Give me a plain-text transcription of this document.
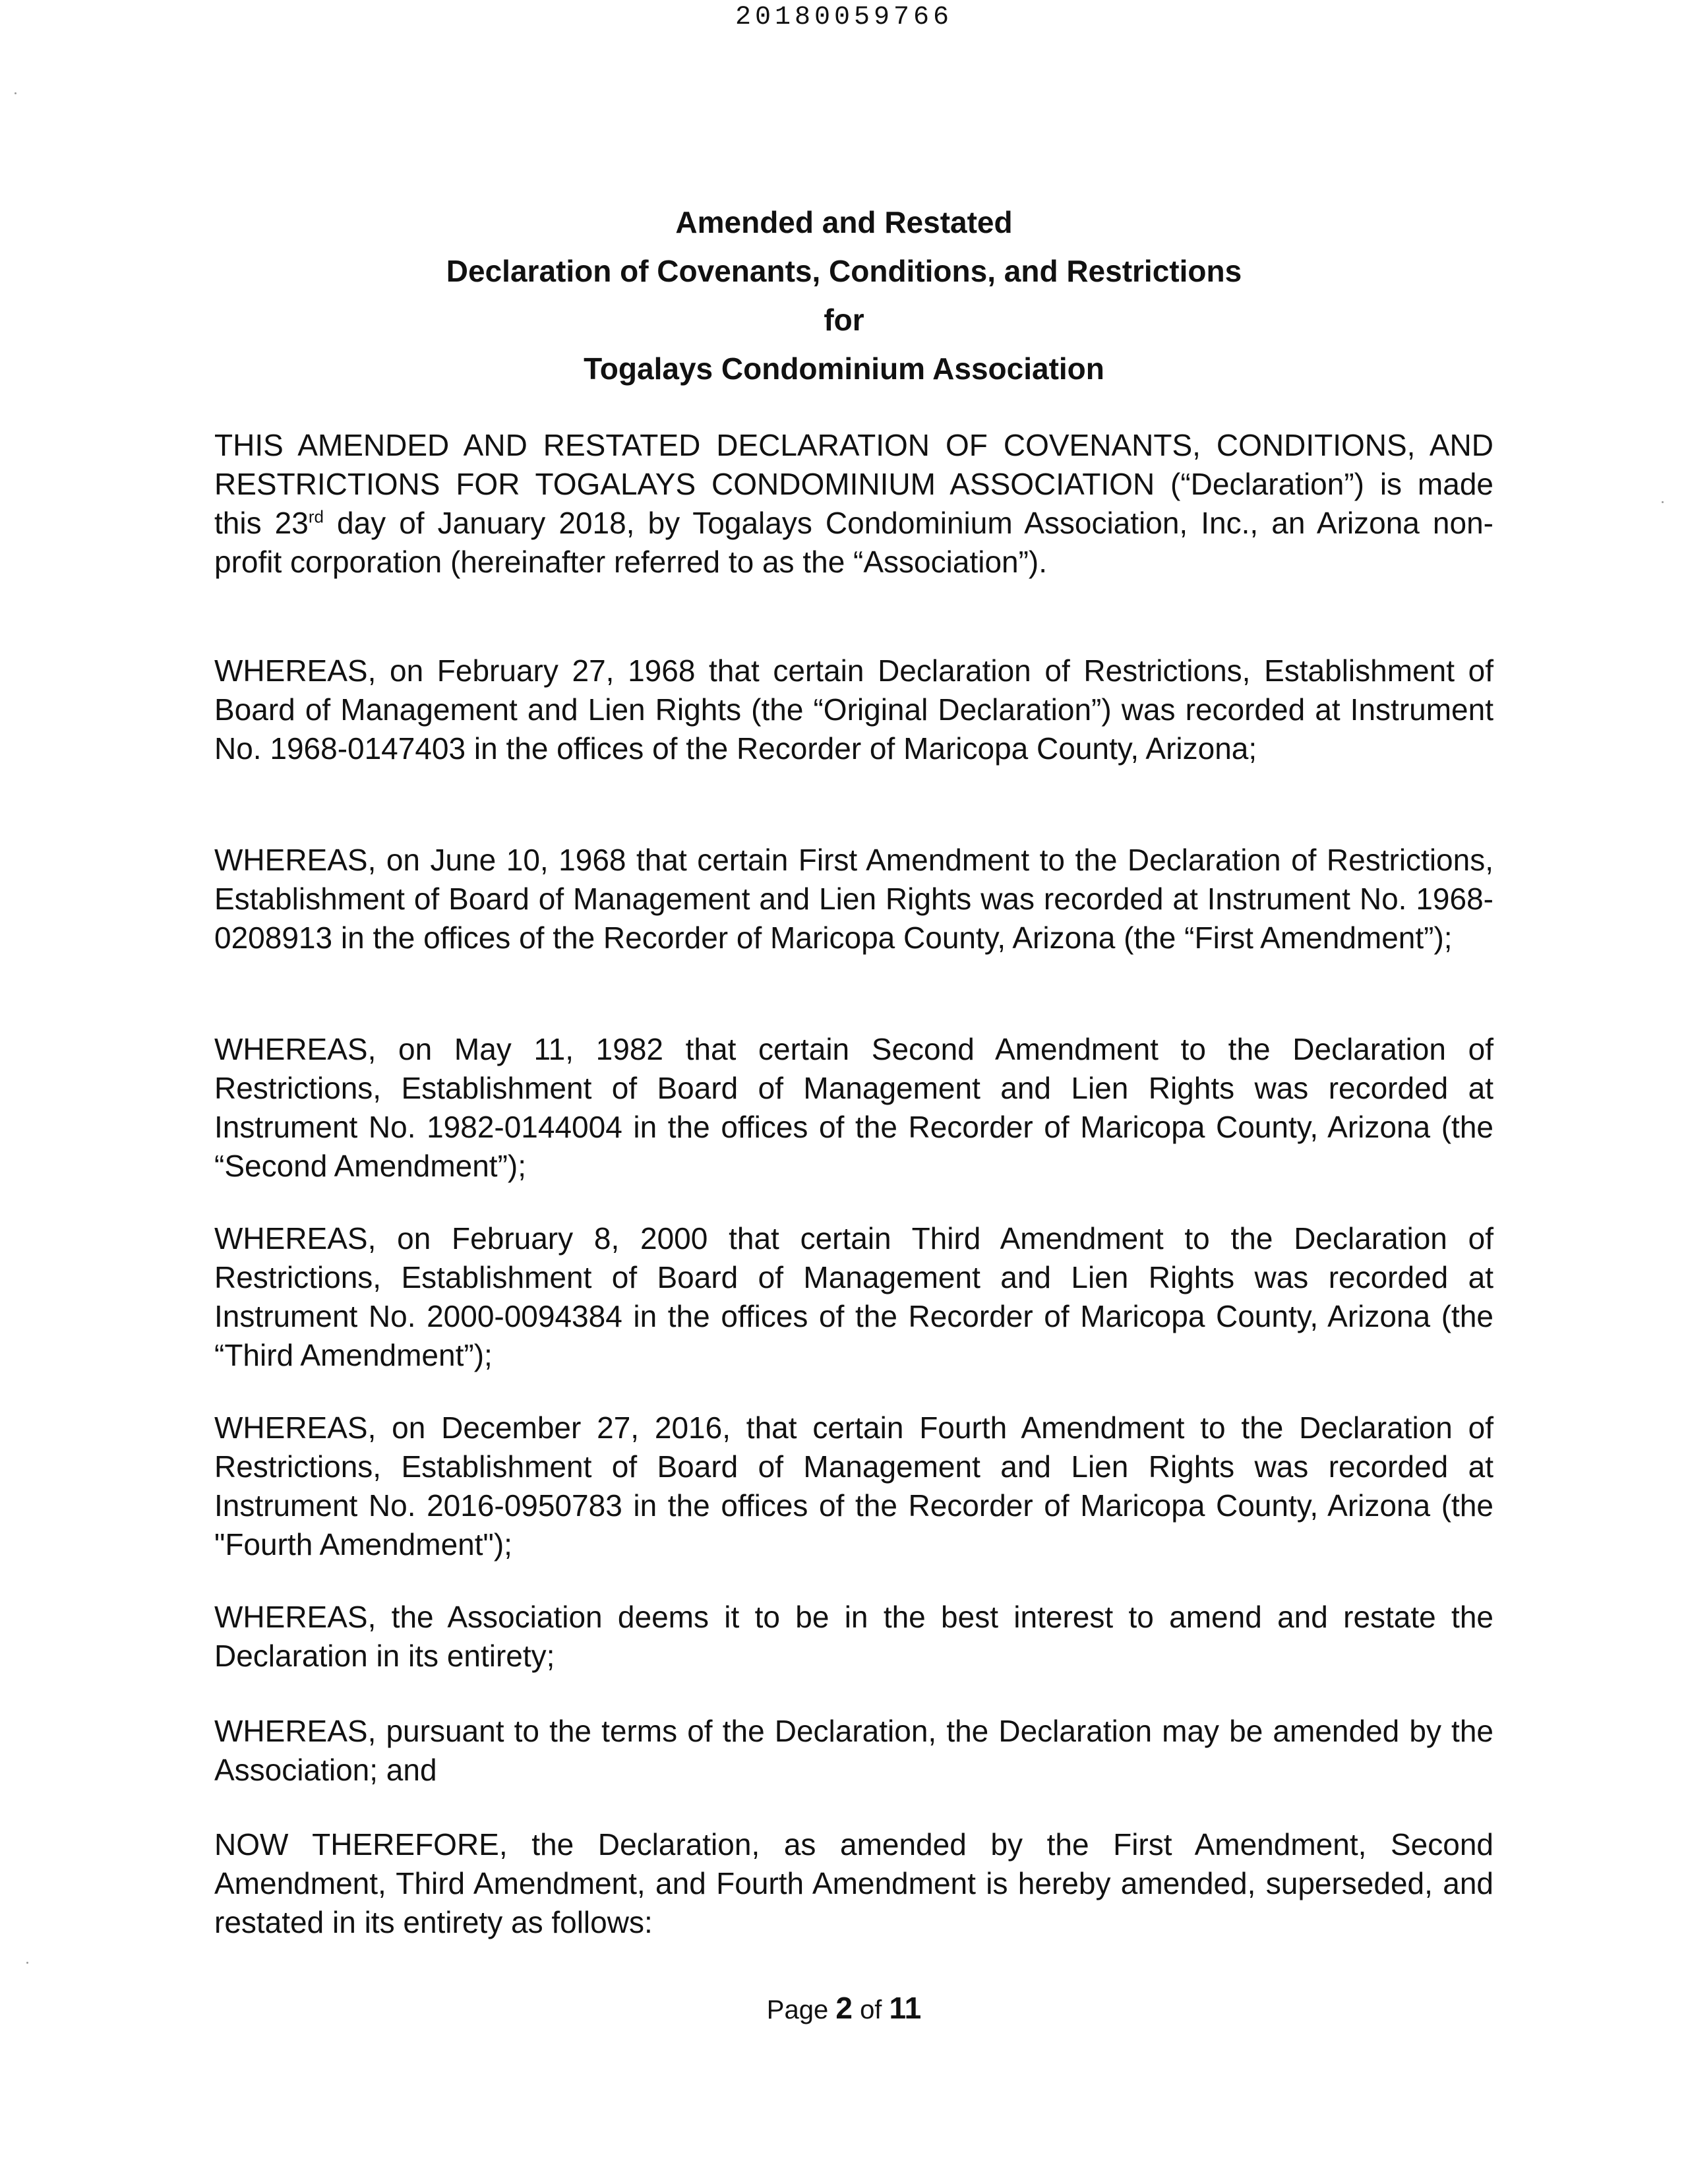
20180059766
Amended and Restated
Declaration of Covenants, Conditions, and Restrictions
for
Togalays Condominium Association
THIS AMENDED AND RESTATED DECLARATION OF COVENANTS, CONDITIONS, AND RESTRICTIONS FOR TOGALAYS CONDOMINIUM ASSOCIATION (“Declaration”) is made this 23rd day of January 2018, by Togalays Condominium Association, Inc., an Arizona non-profit corporation (hereinafter referred to as the “Association”).
WHEREAS, on February 27, 1968 that certain Declaration of Restrictions, Establishment of Board of Management and Lien Rights (the “Original Declaration”) was recorded at Instrument No. 1968-0147403 in the offices of the Recorder of Maricopa County, Arizona;
WHEREAS, on June 10, 1968 that certain First Amendment to the Declaration of Restrictions, Establishment of Board of Management and Lien Rights was recorded at Instrument No. 1968-0208913 in the offices of the Recorder of Maricopa County, Arizona (the “First Amendment”);
WHEREAS, on May 11, 1982 that certain Second Amendment to the Declaration of Restrictions, Establishment of Board of Management and Lien Rights was recorded at Instrument No. 1982-0144004 in the offices of the Recorder of Maricopa County, Arizona (the “Second Amendment”);
WHEREAS, on February 8, 2000 that certain Third Amendment to the Declaration of Restrictions, Establishment of Board of Management and Lien Rights was recorded at Instrument No. 2000-0094384 in the offices of the Recorder of Maricopa County, Arizona (the “Third Amendment”);
WHEREAS, on December 27, 2016, that certain Fourth Amendment to the Declaration of Restrictions, Establishment of Board of Management and Lien Rights was recorded at Instrument No. 2016-0950783 in the offices of the Recorder of Maricopa County, Arizona (the "Fourth Amendment");
WHEREAS, the Association deems it to be in the best interest to amend and restate the Declaration in its entirety;
WHEREAS, pursuant to the terms of the Declaration, the Declaration may be amended by the Association; and
NOW THEREFORE, the Declaration, as amended by the First Amendment, Second Amendment, Third Amendment, and Fourth Amendment is hereby amended, superseded, and restated in its entirety as follows:
Page 2 of 11
